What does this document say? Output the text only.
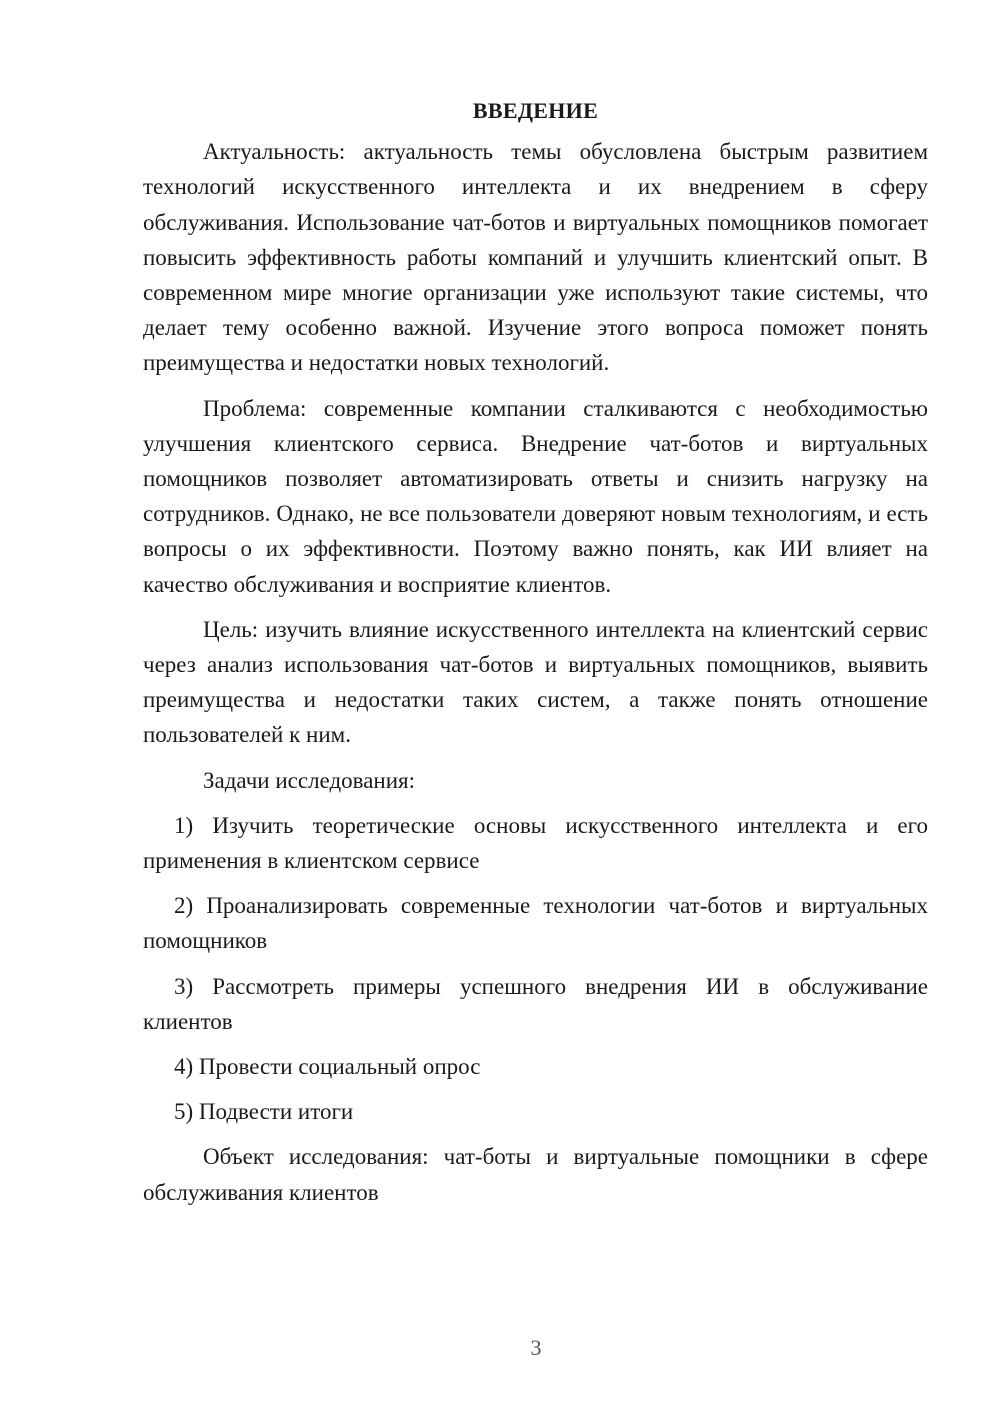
ВВЕДЕНИЕ

Актуальность: актуальность темы обусловлена быстрым развитием технологий искусственного интеллекта и их внедрением в сферу обслуживания. Использование чат-ботов и виртуальных помощников помогает повысить эффективность работы компаний и улучшить клиентский опыт. В современном мире многие организации уже используют такие системы, что делает тему особенно важной. Изучение этого вопроса поможет понять преимущества и недостатки новых технологий.

Проблема: современные компании сталкиваются с необходимостью улучшения клиентского сервиса. Внедрение чат-ботов и виртуальных помощников позволяет автоматизировать ответы и снизить нагрузку на сотрудников. Однако, не все пользователи доверяют новым технологиям, и есть вопросы о их эффективности. Поэтому важно понять, как ИИ влияет на качество обслуживания и восприятие клиентов.

Цель: изучить влияние искусственного интеллекта на клиентский сервис через анализ использования чат-ботов и виртуальных помощников, выявить преимущества и недостатки таких систем, а также понять отношение пользователей к ним.

Задачи исследования:

1) Изучить теоретические основы искусственного интеллекта и его применения в клиентском сервисе

2) Проанализировать современные технологии чат-ботов и виртуальных помощников

3) Рассмотреть примеры успешного внедрения ИИ в обслуживание клиентов

4) Провести социальный опрос

5) Подвести итоги

Объект исследования: чат-боты и виртуальные помощники в сфере обслуживания клиентов

3
